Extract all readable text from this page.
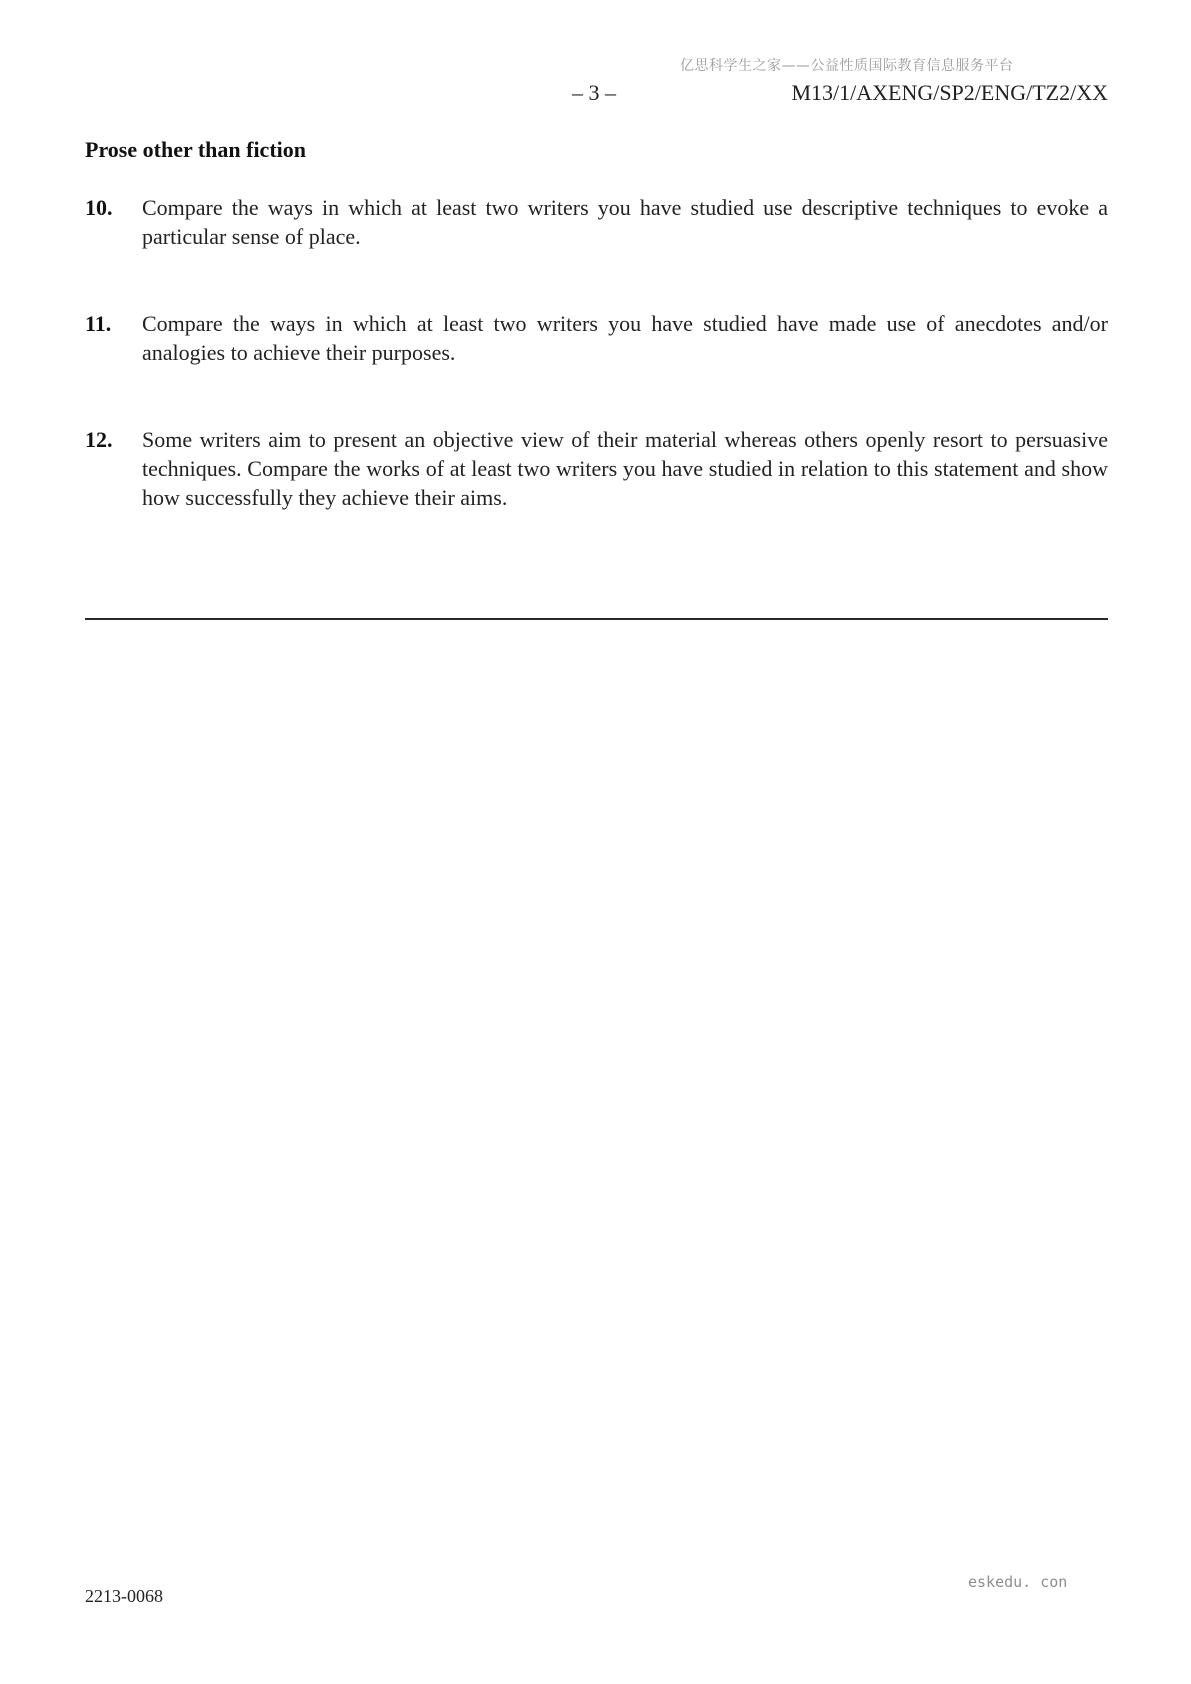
亿思科学生之家——公益性质国际教育信息服务平台
– 3 –	M13/1/AXENG/SP2/ENG/TZ2/XX
Prose other than fiction
10.	Compare the ways in which at least two writers you have studied use descriptive techniques to evoke a particular sense of place.

11.	Compare the ways in which at least two writers you have studied have made use of anecdotes and/or analogies to achieve their purposes.

12.	Some writers aim to present an objective view of their material whereas others openly resort to persuasive techniques. Compare the works of at least two writers you have studied in relation to this statement and show how successfully they achieve their aims.

eskedu. con
2213-0068
